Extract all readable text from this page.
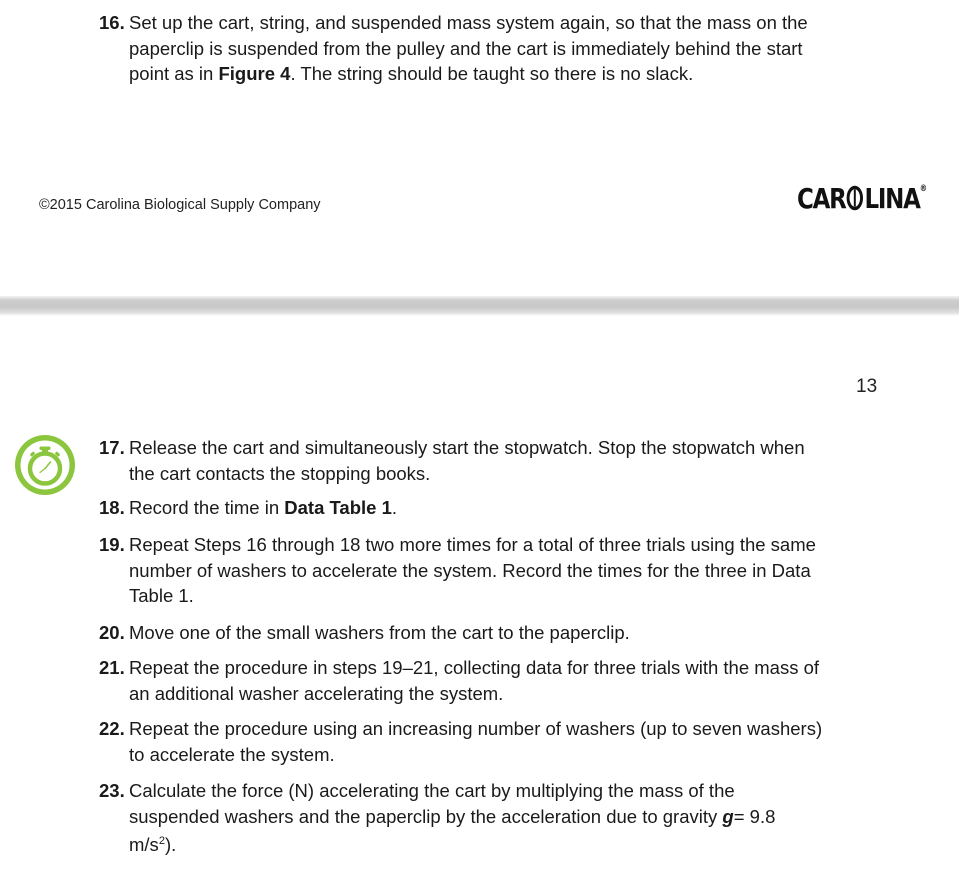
16. Set up the cart, string, and suspended mass system again, so that the mass on the
paperclip is suspended from the pulley and the cart is immediately behind the start
point as in Figure 4. The string should be taught so there is no slack.
©2015 Carolina Biological Supply Company	CAR LINA ®
13
17. Release the cart and simultaneously start the stopwatch. Stop the stopwatch when
the cart contacts the stopping books.
18. Record the time in Data Table 1.
19. Repeat Steps 16 through 18 two more times for a total of three trials using the same
number of washers to accelerate the system. Record the times for the three in Data
Table 1.
20. Move one of the small washers from the cart to the paperclip.
21. Repeat the procedure in steps 19–21, collecting data for three trials with the mass of
an additional washer accelerating the system.
22. Repeat the procedure using an increasing number of washers (up to seven washers)
to accelerate the system.
23. Calculate the force (N) accelerating the cart by multiplying the mass of the
suspended washers and the paperclip by the acceleration due to gravity g= 9.8
$m/s^2$).
